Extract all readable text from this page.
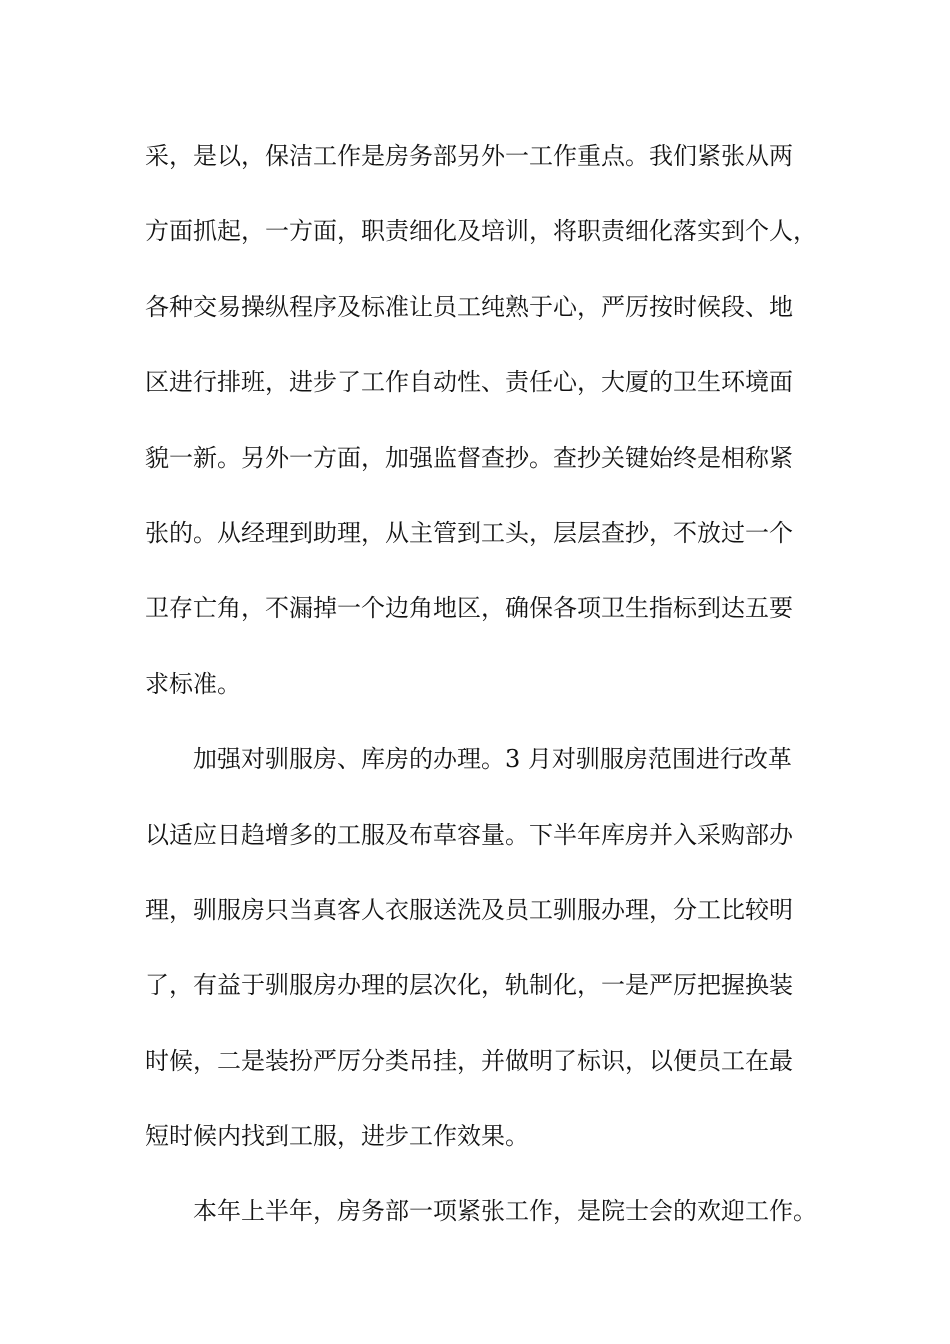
采，是以，保洁工作是房务部另外一工作重点。我们紧张从两
方面抓起，一方面，职责细化及培训，将职责细化落实到个人，
各种交易操纵程序及标准让员工纯熟于心，严厉按时候段、地
区进行排班，进步了工作自动性、责任心，大厦的卫生环境面
貌一新。另外一方面，加强监督查抄。查抄关键始终是相称紧
张的。从经理到助理，从主管到工头，层层查抄，不放过一个
卫存亡角，不漏掉一个边角地区，确保各项卫生指标到达五要
求标准。
加强对驯服房、库房的办理。3 月对驯服房范围进行改革
以适应日趋增多的工服及布草容量。下半年库房并入采购部办
理，驯服房只当真客人衣服送洗及员工驯服办理，分工比较明
了，有益于驯服房办理的层次化，轨制化，一是严厉把握换装
时候，二是装扮严厉分类吊挂，并做明了标识，以便员工在最
短时候内找到工服，进步工作效果。
本年上半年，房务部一项紧张工作，是院士会的欢迎工作。
